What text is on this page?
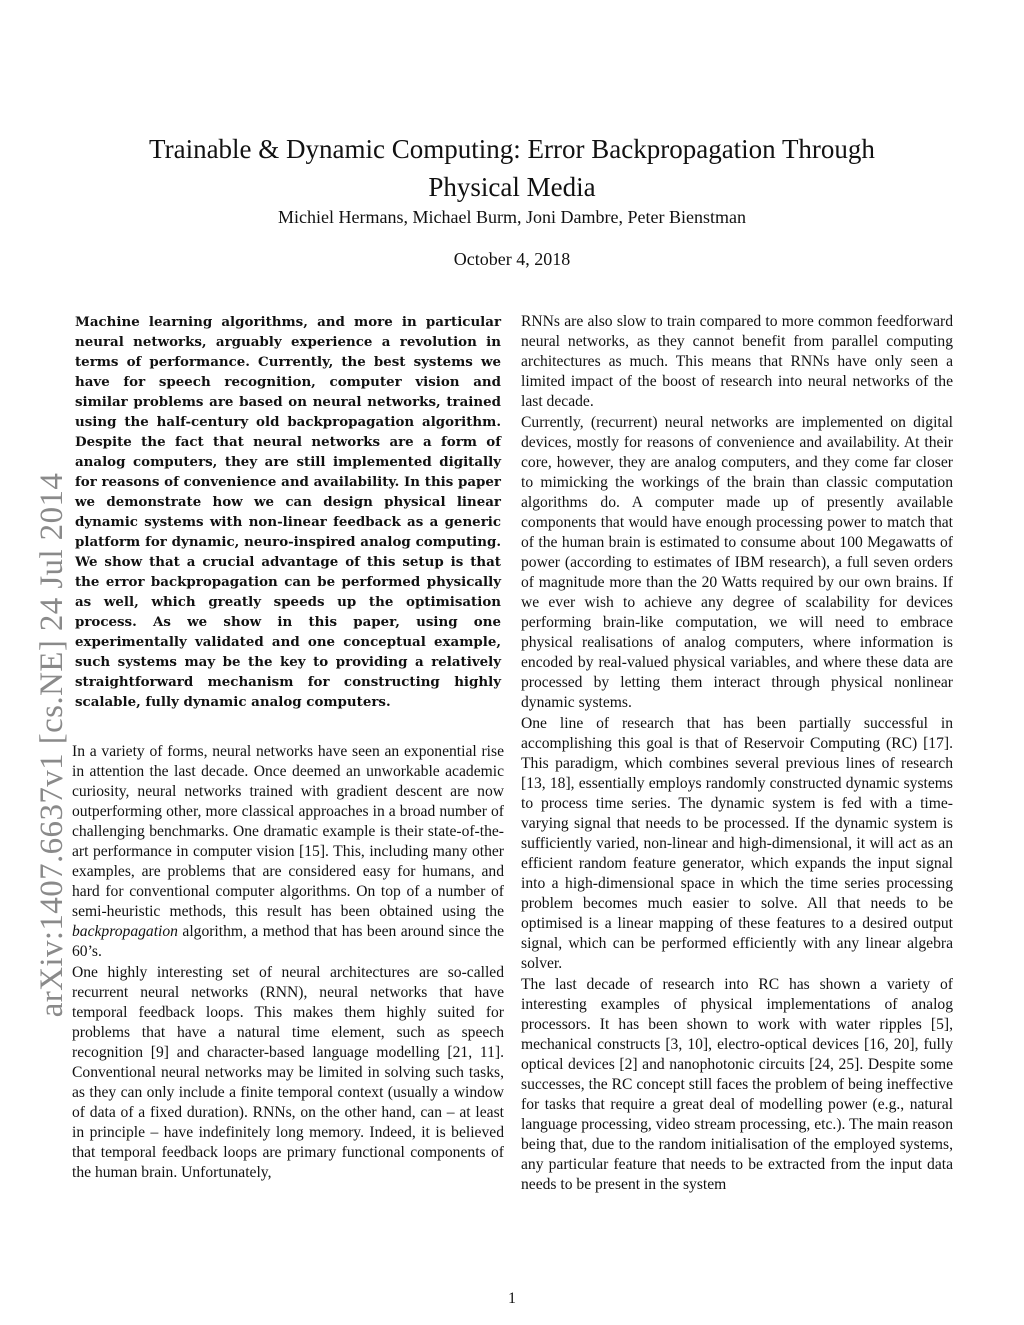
arXiv:1407.6637v1 [cs.NE] 24 Jul 2014
Trainable & Dynamic Computing: Error Backpropagation Through Physical Media
Michiel Hermans, Michael Burm, Joni Dambre, Peter Bienstman
October 4, 2018
Machine learning algorithms, and more in particular neural networks, arguably experience a revolution in terms of performance. Currently, the best systems we have for speech recognition, computer vision and similar problems are based on neural networks, trained using the half-century old backpropagation algorithm. Despite the fact that neural networks are a form of analog computers, they are still implemented digitally for reasons of convenience and availability. In this paper we demonstrate how we can design physical linear dynamic systems with non-linear feedback as a generic platform for dynamic, neuro-inspired analog computing. We show that a crucial advantage of this setup is that the error backpropagation can be performed physically as well, which greatly speeds up the optimisation process. As we show in this paper, using one experimentally validated and one conceptual example, such systems may be the key to providing a relatively straightforward mechanism for constructing highly scalable, fully dynamic analog computers.

In a variety of forms, neural networks have seen an exponential rise in attention the last decade. Once deemed an unworkable academic curiosity, neural networks trained with gradient descent are now outperforming other, more classical approaches in a broad number of challenging benchmarks. One dramatic example is their state-of-the-art performance in computer vision [15]. This, including many other examples, are problems that are considered easy for humans, and hard for conventional computer algorithms. On top of a number of semi-heuristic methods, this result has been obtained using the backpropagation algorithm, a method that has been around since the 60’s.

One highly interesting set of neural architectures are so-called recurrent neural networks (RNN), neural networks that have temporal feedback loops. This makes them highly suited for problems that have a natural time element, such as speech recognition [9] and character-based language modelling [21, 11]. Conventional neural networks may be limited in solving such tasks, as they can only include a finite temporal context (usually a window of data of a fixed duration). RNNs, on the other hand, can – at least in principle – have indefinitely long memory. Indeed, it is believed that temporal feedback loops are primary functional components of the human brain. Unfortunately,

RNNs are also slow to train compared to more common feedforward neural networks, as they cannot benefit from parallel computing architectures as much. This means that RNNs have only seen a limited impact of the boost of research into neural networks of the last decade.

Currently, (recurrent) neural networks are implemented on digital devices, mostly for reasons of convenience and availability. At their core, however, they are analog computers, and they come far closer to mimicking the workings of the brain than classic computation algorithms do. A computer made up of presently available components that would have enough processing power to match that of the human brain is estimated to consume about 100 Megawatts of power (according to estimates of IBM research), a full seven orders of magnitude more than the 20 Watts required by our own brains. If we ever wish to achieve any degree of scalability for devices performing brain-like computation, we will need to embrace physical realisations of analog computers, where information is encoded by real-valued physical variables, and where these data are processed by letting them interact through physical nonlinear dynamic systems.

One line of research that has been partially successful in accomplishing this goal is that of Reservoir Computing (RC) [17]. This paradigm, which combines several previous lines of research [13, 18], essentially employs randomly constructed dynamic systems to process time series. The dynamic system is fed with a time-varying signal that needs to be processed. If the dynamic system is sufficiently varied, non-linear and high-dimensional, it will act as an efficient random feature generator, which expands the input signal into a high-dimensional space in which the time series processing problem becomes much easier to solve. All that needs to be optimised is a linear mapping of these features to a desired output signal, which can be performed efficiently with any linear algebra solver.

The last decade of research into RC has shown a variety of interesting examples of physical implementations of analog processors. It has been shown to work with water ripples [5], mechanical constructs [3, 10], electro-optical devices [16, 20], fully optical devices [2] and nanophotonic circuits [24, 25]. Despite some successes, the RC concept still faces the problem of being ineffective for tasks that require a great deal of modelling power (e.g., natural language processing, video stream processing, etc.). The main reason being that, due to the random initialisation of the employed systems, any particular feature that needs to be extracted from the input data needs to be present in the system

1
